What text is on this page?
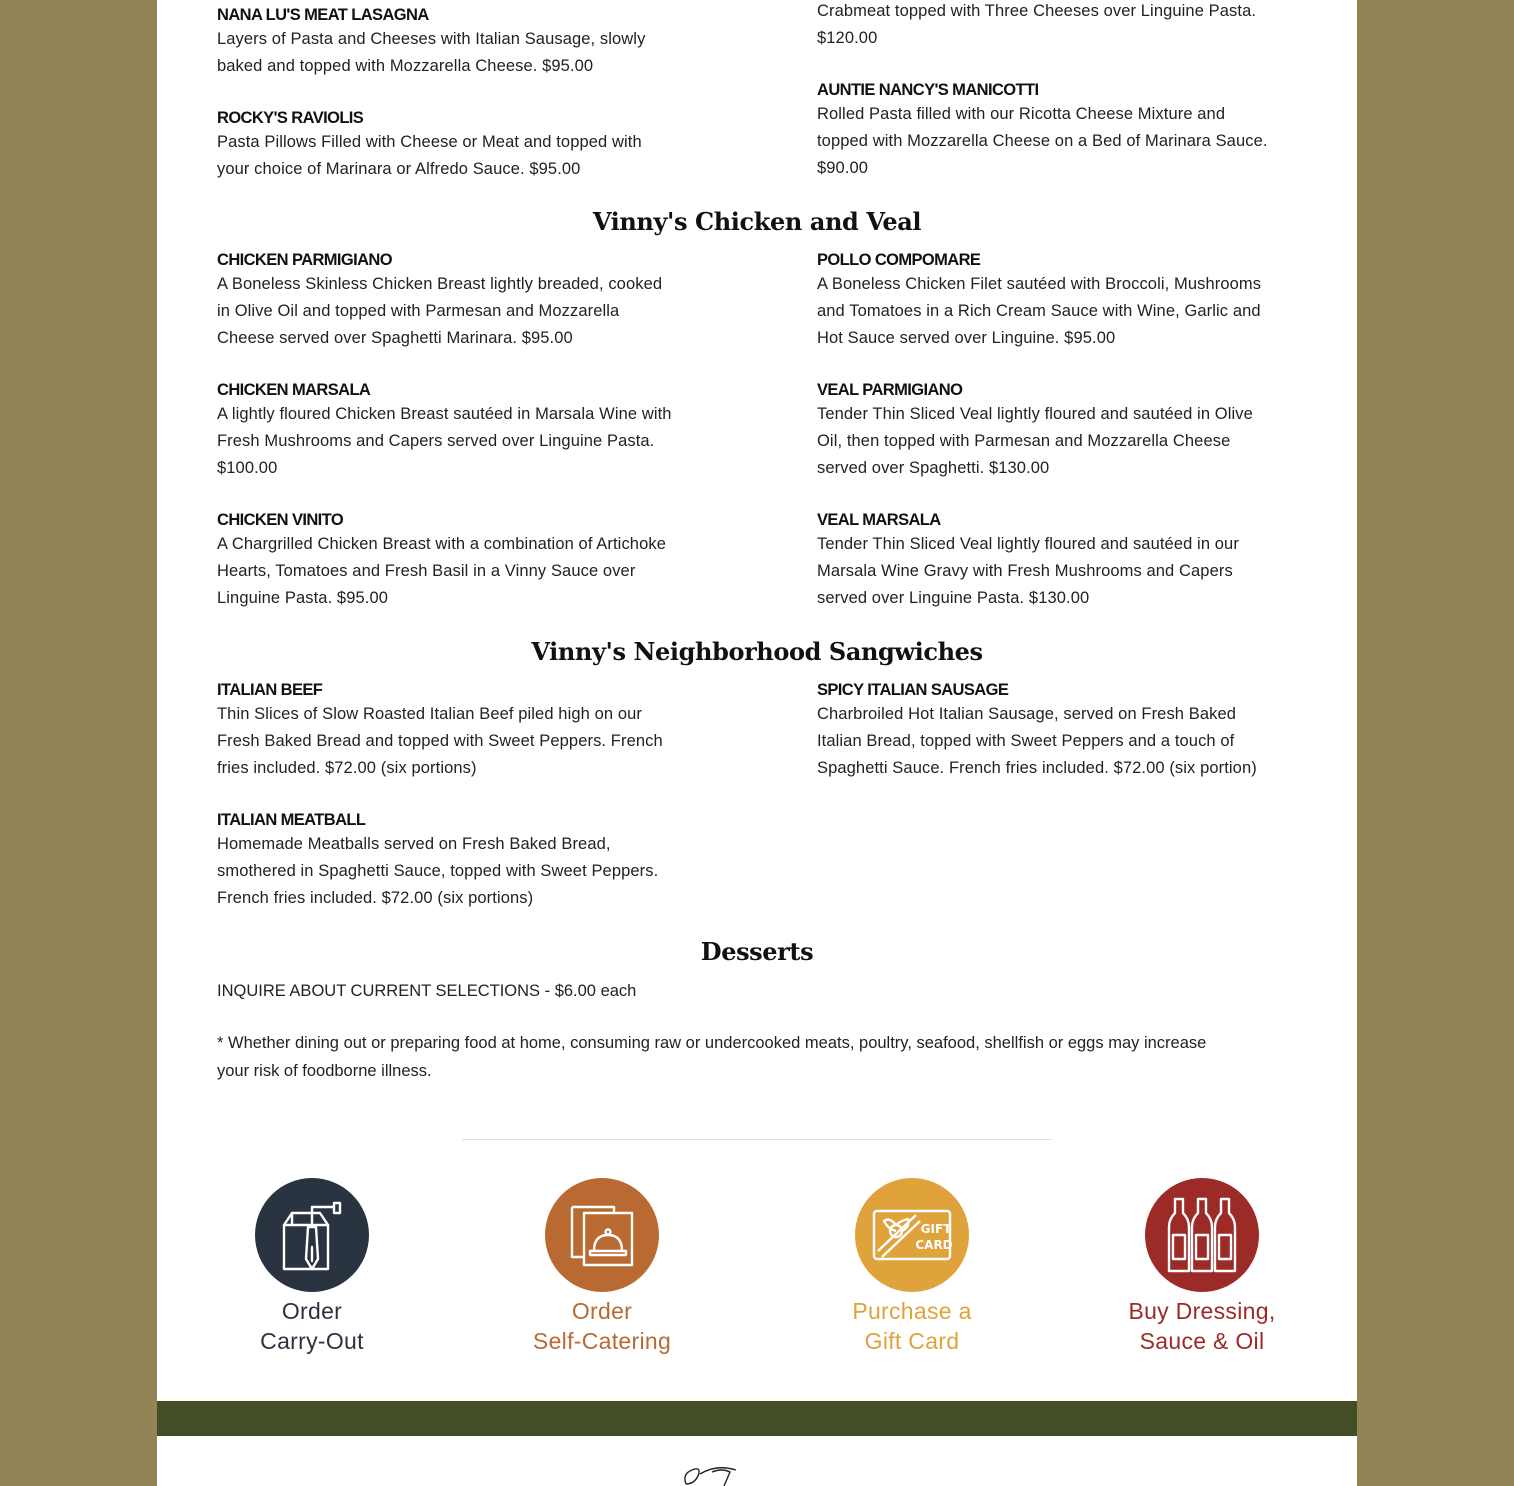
NANA LU'S MEAT LASAGNA
Layers of Pasta and Cheeses with Italian Sausage, slowly
baked and topped with Mozzarella Cheese. $95.00
ROCKY'S RAVIOLIS
Pasta Pillows Filled with Cheese or Meat and topped with
your choice of Marinara or Alfredo Sauce. $95.00
Crabmeat topped with Three Cheeses over Linguine Pasta.
$120.00
AUNTIE NANCY'S MANICOTTI
Rolled Pasta filled with our Ricotta Cheese Mixture and
topped with Mozzarella Cheese on a Bed of Marinara Sauce.
$90.00
Vinny's Chicken and Veal
CHICKEN PARMIGIANO
A Boneless Skinless Chicken Breast lightly breaded, cooked
in Olive Oil and topped with Parmesan and Mozzarella
Cheese served over Spaghetti Marinara. $95.00
CHICKEN MARSALA
A lightly floured Chicken Breast sautéed in Marsala Wine with
Fresh Mushrooms and Capers served over Linguine Pasta.
$100.00
CHICKEN VINITO
A Chargrilled Chicken Breast with a combination of Artichoke
Hearts, Tomatoes and Fresh Basil in a Vinny Sauce over
Linguine Pasta. $95.00
POLLO COMPOMARE
A Boneless Chicken Filet sautéed with Broccoli, Mushrooms
and Tomatoes in a Rich Cream Sauce with Wine, Garlic and
Hot Sauce served over Linguine. $95.00
VEAL PARMIGIANO
Tender Thin Sliced Veal lightly floured and sautéed in Olive
Oil, then topped with Parmesan and Mozzarella Cheese
served over Spaghetti. $130.00
VEAL MARSALA
Tender Thin Sliced Veal lightly floured and sautéed in our
Marsala Wine Gravy with Fresh Mushrooms and Capers
served over Linguine Pasta. $130.00
Vinny's Neighborhood Sangwiches
ITALIAN BEEF
Thin Slices of Slow Roasted Italian Beef piled high on our
Fresh Baked Bread and topped with Sweet Peppers. French
fries included. $72.00 (six portions)
ITALIAN MEATBALL
Homemade Meatballs served on Fresh Baked Bread,
smothered in Spaghetti Sauce, topped with Sweet Peppers.
French fries included. $72.00 (six portions)
SPICY ITALIAN SAUSAGE
Charbroiled Hot Italian Sausage, served on Fresh Baked
Italian Bread, topped with Sweet Peppers and a touch of
Spaghetti Sauce. French fries included. $72.00 (six portion)
Desserts
INQUIRE ABOUT CURRENT SELECTIONS - $6.00 each
* Whether dining out or preparing food at home, consuming raw or undercooked meats, poultry, seafood, shellfish or eggs may increase
your risk of foodborne illness.
Order
Carry-Out
Order
Self-Catering
GIFT
CARD
Purchase a
Gift Card
Buy Dressing,
Sauce & Oil
